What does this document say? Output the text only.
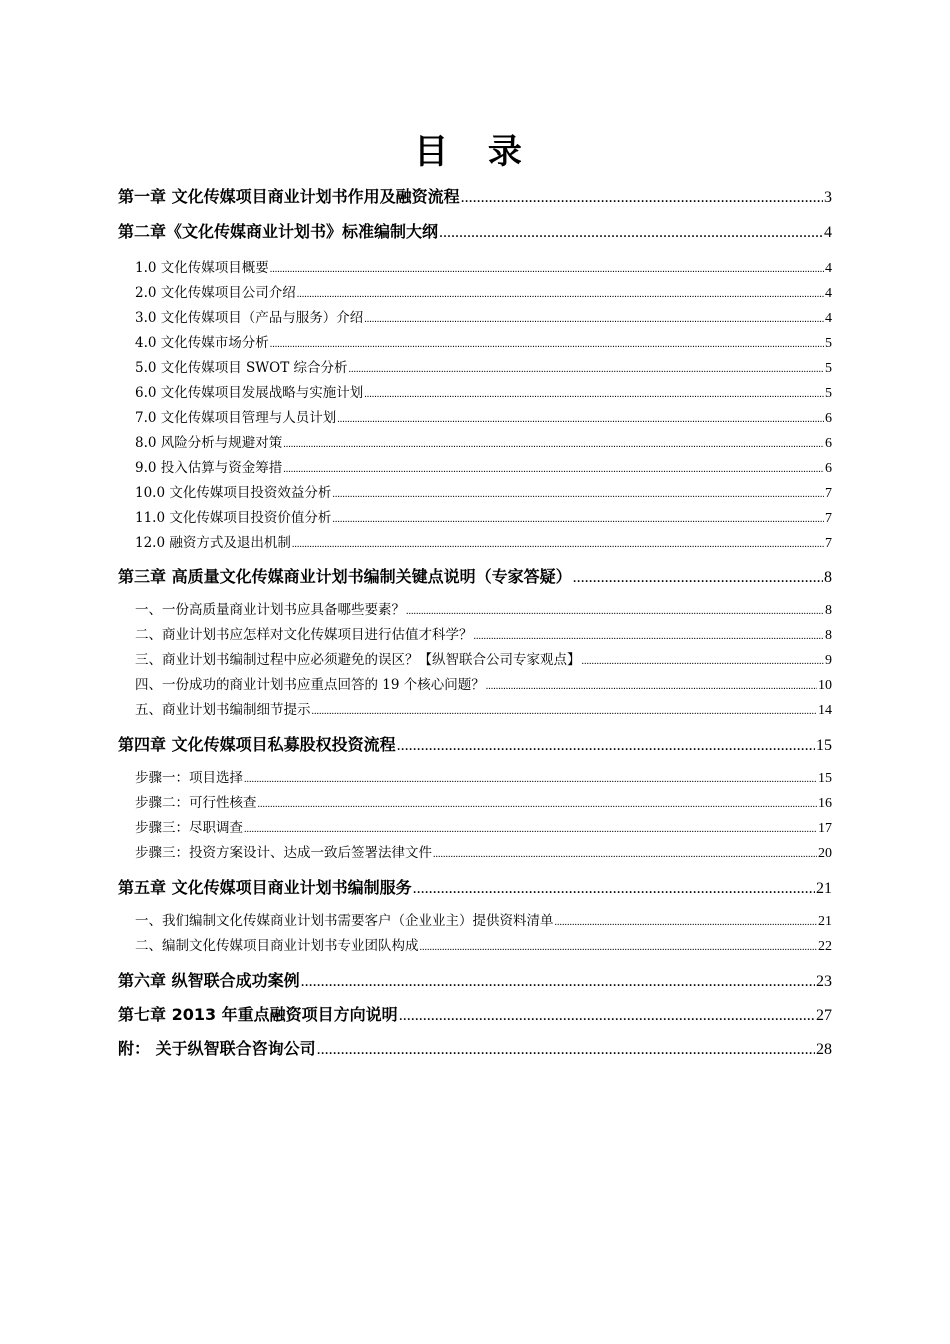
目 录
第一章 文化传媒项目商业计划书作用及融资流程 .....	3
第二章《文化传媒商业计划书》标准编制大纲 .....	4
1.0 文化传媒项目概要 .....	4
2.0 文化传媒项目公司介绍 .....	4
3.0 文化传媒项目（产品与服务）介绍 .....	4
4.0 文化传媒市场分析 .....	5
5.0 文化传媒项目 SWOT 综合分析 .....	5
6.0 文化传媒项目发展战略与实施计划 .....	5
7.0 文化传媒项目管理与人员计划 .....	6
8.0 风险分析与规避对策 .....	6
9.0 投入估算与资金筹措 .....	6
10.0 文化传媒项目投资效益分析 .....	7
11.0 文化传媒项目投资价值分析 .....	7
12.0 融资方式及退出机制 .....	7
第三章 高质量文化传媒商业计划书编制关键点说明（专家答疑） .....	8
一、一份高质量商业计划书应具备哪些要素？ .....	8
二、商业计划书应怎样对文化传媒项目进行估值才科学？ .....	8
三、商业计划书编制过程中应必须避免的误区？【纵智联合公司专家观点】 .....	9
四、一份成功的商业计划书应重点回答的 19 个核心问题？ .....	10
五、商业计划书编制细节提示 .....	14
第四章 文化传媒项目私募股权投资流程 .....	15
步骤一：项目选择 .....	15
步骤二：可行性核查 .....	16
步骤三：尽职调查 .....	17
步骤三：投资方案设计、达成一致后签署法律文件 .....	20
第五章 文化传媒项目商业计划书编制服务 .....	21
一、我们编制文化传媒商业计划书需要客户（企业业主）提供资料清单 .....	21
二、编制文化传媒项目商业计划书专业团队构成 .....	22
第六章 纵智联合成功案例 .....	23
第七章 2013 年重点融资项目方向说明 .....	27
附： 关于纵智联合咨询公司 .....	28
